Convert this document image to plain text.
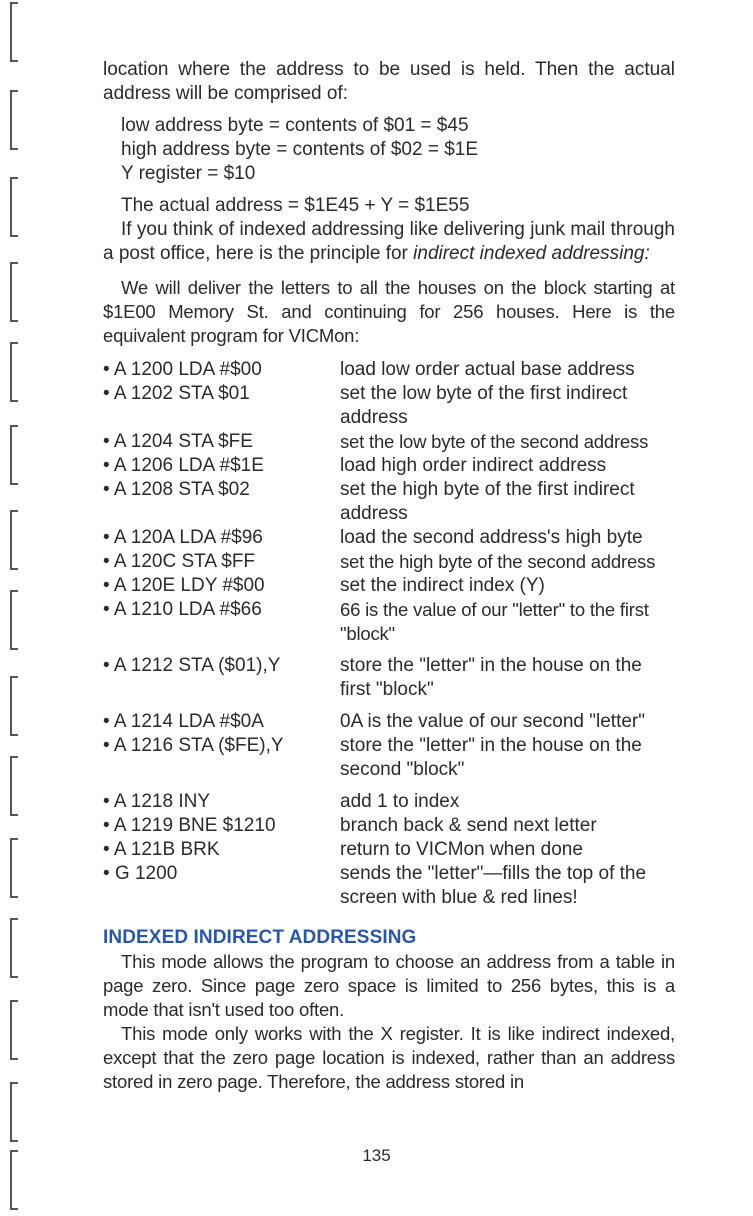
location where the address to be used is held. Then the actual address will be comprised of:

low address byte = contents of $01 = $45

high address byte = contents of $02 = $1E

Y register = $10

The actual address = $1E45 + Y = $1E55

If you think of indexed addressing like delivering junk mail through a post office, here is the principle for indirect indexed addressing:

We will deliver the letters to all the houses on the block starting at $1E00 Memory St. and continuing for 256 houses. Here is the equivalent program for VICMon:

• A 1200 LDA #$00	load low order actual base address
• A 1202 STA $01	set the low byte of the first indirect address
• A 1204 STA $FE	set the low byte of the second address
• A 1206 LDA #$1E	load high order indirect address
• A 1208 STA $02	set the high byte of the first indirect address
• A 120A LDA #$96	load the second address's high byte
• A 120C STA $FF	set the high byte of the second address
• A 120E LDY #$00	set the indirect index (Y)
• A 1210 LDA #$66	66 is the value of our "letter" to the first "block"
• A 1212 STA ($01),Y	store the "letter" in the house on the first "block"
• A 1214 LDA #$0A	0A is the value of our second "letter"
• A 1216 STA ($FE),Y	store the "letter" in the house on the second "block"
• A 1218 INY	add 1 to index
• A 1219 BNE $1210	branch back & send next letter
• A 121B BRK	return to VICMon when done
• G 1200	sends the "letter"—fills the top of the screen with blue & red lines!
INDEXED INDIRECT ADDRESSING

This mode allows the program to choose an address from a table in page zero. Since page zero space is limited to 256 bytes, this is a mode that isn't used too often.

This mode only works with the X register. It is like indirect indexed, except that the zero page location is indexed, rather than an address stored in zero page. Therefore, the address stored in

135
